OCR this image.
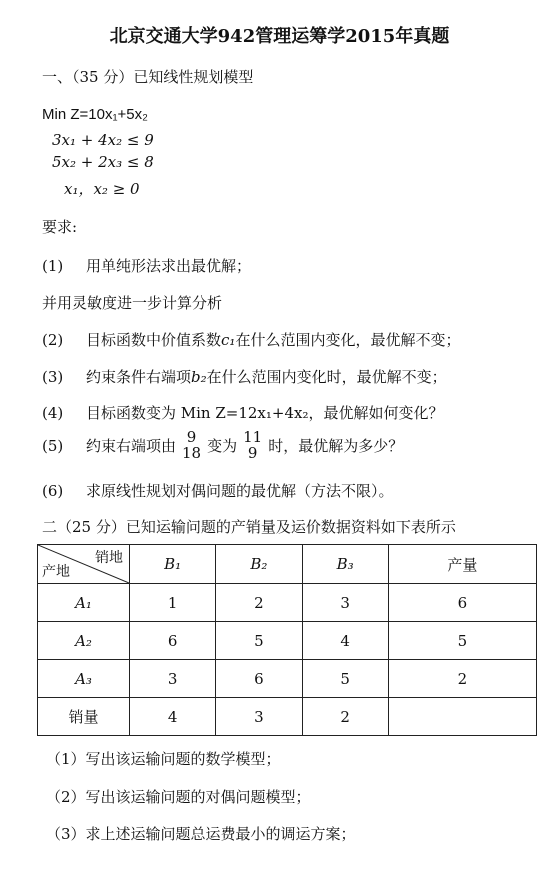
北京交通大学942管理运筹学2015年真题
一、（35 分）已知线性规划模型
Min Z=10x₁+5x₂
3x₁ + 4x₂ ≤ 9
5x₂ + 2x₃ ≤ 8
x₁，x₂ ≥ 0
要求:
(1) 用单纯形法求出最优解；
并用灵敏度进一步计算分析
(2) 目标函数中价值系数c₁在什么范围内变化，最优解不变；
(3) 约束条件右端项b₂在什么范围内变化时，最优解不变；
(4) 目标函数变为 Min Z=12x₁+4x₂，最优解如何变化？
(5)	约束右端项由
9
18 变为
11
9 时，最优解为多少？
(6) 求原线性规划对偶问题的最优解（方法不限）。
二（25 分）已知运输问题的产销量及运价数据资料如下表所示
销地
产地	B₁	B₂	B₃	产量
A₁	1	2	3	6
A₂	6	5	4	5
A₃	3	6	5	2
销量	4	3	2	
（1）写出该运输问题的数学模型；
（2）写出该运输问题的对偶问题模型；
（3）求上述运输问题总运费最小的调运方案；
